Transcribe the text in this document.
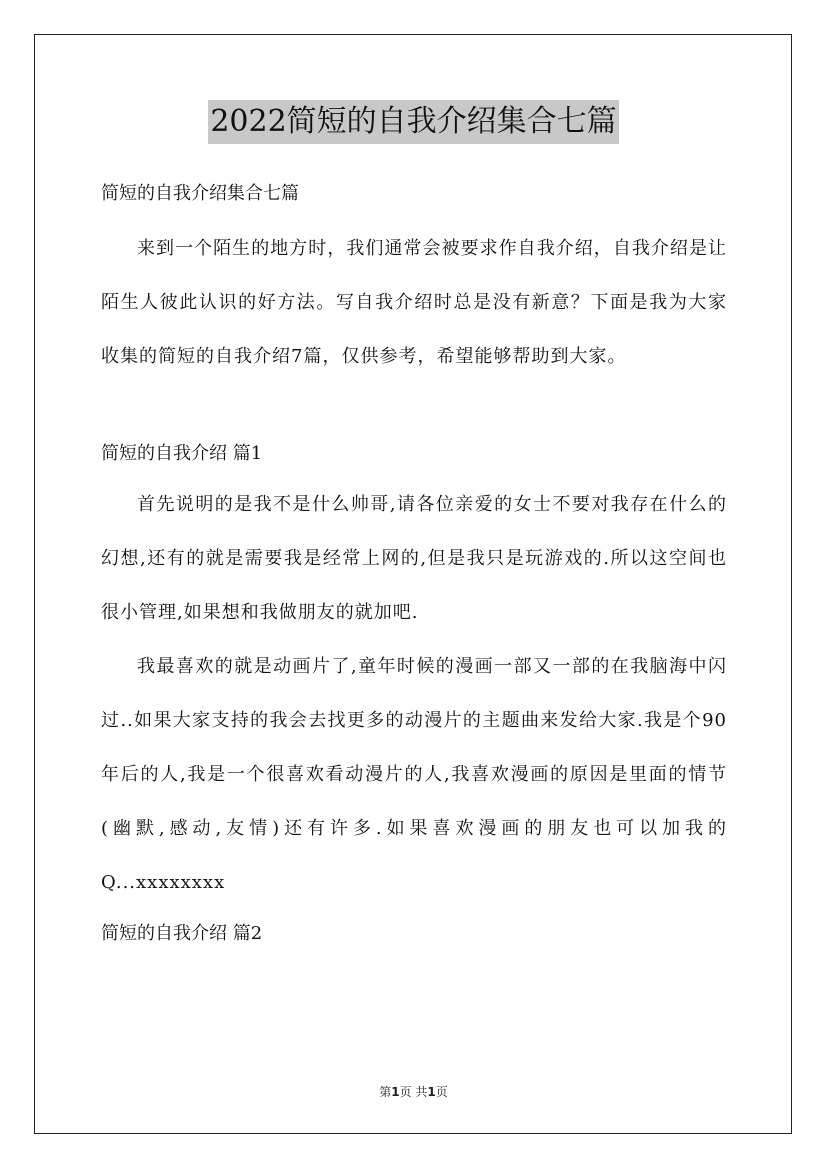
2022简短的自我介绍集合七篇

简短的自我介绍集合七篇

来到一个陌生的地方时，我们通常会被要求作自我介绍，自我介绍是让陌生人彼此认识的好方法。写自我介绍时总是没有新意？下面是我为大家收集的简短的自我介绍7篇，仅供参考，希望能够帮助到大家。

简短的自我介绍 篇1

首先说明的是我不是什么帅哥,请各位亲爱的女士不要对我存在什么的幻想,还有的就是需要我是经常上网的,但是我只是玩游戏的.所以这空间也很小管理,如果想和我做朋友的就加吧.

我最喜欢的就是动画片了,童年时候的漫画一部又一部的在我脑海中闪过..如果大家支持的我会去找更多的动漫片的主题曲来发给大家.我是个90年后的人,我是一个很喜欢看动漫片的人,我喜欢漫画的原因是里面的情节(幽默,感动,友情)还有许多.如果喜欢漫画的朋友也可以加我的Q...xxxxxxxx

简短的自我介绍 篇2

第1页 共1页
